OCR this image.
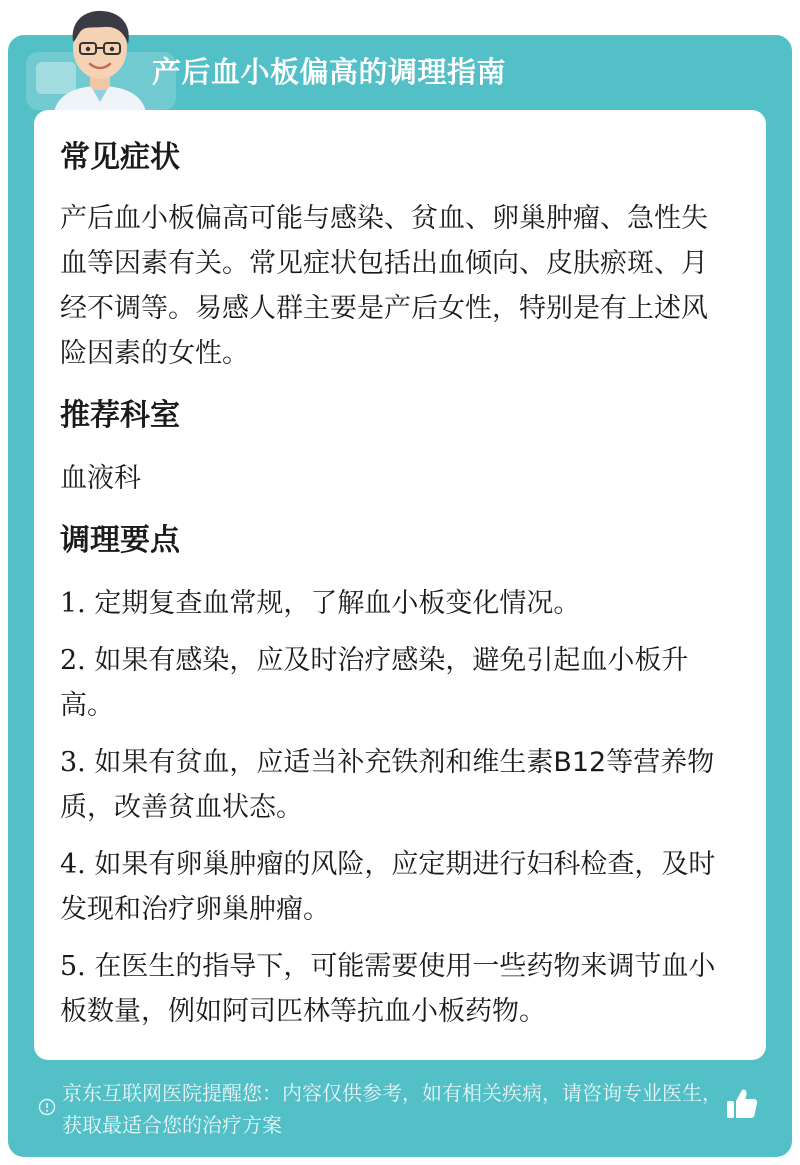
产后血小板偏高的调理指南
常见症状

产后血小板偏高可能与感染、贫血、卵巢肿瘤、急性失血等因素有关。常见症状包括出血倾向、皮肤瘀斑、月经不调等。易感人群主要是产后女性，特别是有上述风险因素的女性。

推荐科室

血液科

调理要点

1. 定期复查血常规，了解血小板变化情况。

2. 如果有感染，应及时治疗感染，避免引起血小板升高。

3. 如果有贫血，应适当补充铁剂和维生素B12等营养物质，改善贫血状态。

4. 如果有卵巢肿瘤的风险，应定期进行妇科检查，及时发现和治疗卵巢肿瘤。

5. 在医生的指导下，可能需要使用一些药物来调节血小板数量，例如阿司匹林等抗血小板药物。

京东互联网医院提醒您：内容仅供参考，如有相关疾病，请咨询专业医生，获取最适合您的治疗方案
